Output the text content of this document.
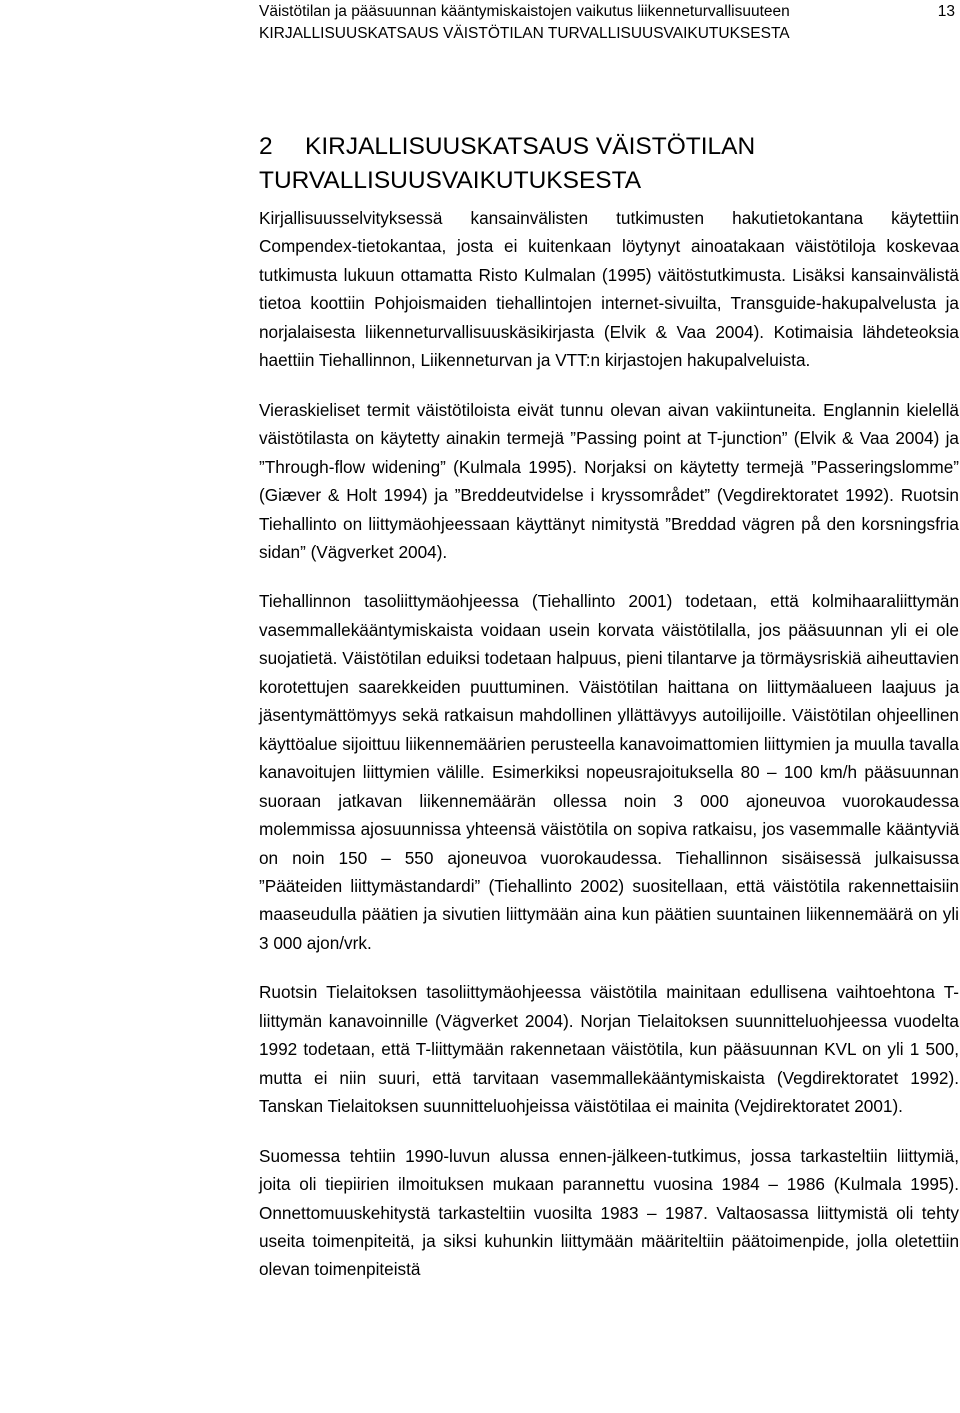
Väistötilan ja pääsuunnan kääntymiskaistojen vaikutus liikenneturvallisuuteen
KIRJALLISUUSKATSAUS VÄISTÖTILAN TURVALLISUUSVAIKUTUKSESTA
13
2 KIRJALLISUUSKATSAUS VÄISTÖTILAN
TURVALLISUUSVAIKUTUKSESTA

Kirjallisuusselvityksessä kansainvälisten tutkimusten hakutietokantana käytettiin Compendex-tietokantaa, josta ei kuitenkaan löytynyt ainoatakaan väistötiloja koskevaa tutkimusta lukuun ottamatta Risto Kulmalan (1995) väitöstutkimusta. Lisäksi kansainvälistä tietoa koottiin Pohjoismaiden tiehallintojen internet-sivuilta, Transguide-hakupalvelusta ja norjalaisesta liikenneturvallisuuskäsikirjasta (Elvik & Vaa 2004). Kotimaisia lähdeteoksia haettiin Tiehallinnon, Liikenneturvan ja VTT:n kirjastojen hakupalveluista.

Vieraskieliset termit väistötiloista eivät tunnu olevan aivan vakiintuneita. Englannin kielellä väistötilasta on käytetty ainakin termejä ”Passing point at T-junction” (Elvik & Vaa 2004) ja ”Through-flow widening” (Kulmala 1995). Norjaksi on käytetty termejä ”Passeringslomme” (Giæver & Holt 1994) ja ”Breddeutvidelse i kryssområdet” (Vegdirektoratet 1992). Ruotsin Tiehallinto on liittymäohjeessaan käyttänyt nimitystä ”Breddad vägren på den korsningsfria sidan” (Vägverket 2004).

Tiehallinnon tasoliittymäohjeessa (Tiehallinto 2001) todetaan, että kolmihaaraliittymän vasemmallekääntymiskaista voidaan usein korvata väistötilalla, jos pääsuunnan yli ei ole suojatietä. Väistötilan eduiksi todetaan halpuus, pieni tilantarve ja törmäysriskiä aiheuttavien korotettujen saarekkeiden puuttuminen. Väistötilan haittana on liittymäalueen laajuus ja jäsentymättömyys sekä ratkaisun mahdollinen yllättävyys autoilijoille. Väistötilan ohjeellinen käyttöalue sijoittuu liikennemäärien perusteella kanavoimattomien liittymien ja muulla tavalla kanavoitujen liittymien välille. Esimerkiksi nopeusrajoituksella 80 – 100 km/h pääsuunnan suoraan jatkavan liikennemäärän ollessa noin 3 000 ajoneuvoa vuorokaudessa molemmissa ajosuunnissa yhteensä väistötila on sopiva ratkaisu, jos vasemmalle kääntyviä on noin 150 – 550 ajoneuvoa vuorokaudessa. Tiehallinnon sisäisessä julkaisussa ”Pääteiden liittymästandardi” (Tiehallinto 2002) suositellaan, että väistötila rakennettaisiin maaseudulla päätien ja sivutien liittymään aina kun päätien suuntainen liikennemäärä on yli 3 000 ajon/vrk.

Ruotsin Tielaitoksen tasoliittymäohjeessa väistötila mainitaan edullisena vaihtoehtona T-liittymän kanavoinnille (Vägverket 2004). Norjan Tielaitoksen suunnitteluohjeessa vuodelta 1992 todetaan, että T-liittymään rakennetaan väistötila, kun pääsuunnan KVL on yli 1 500, mutta ei niin suuri, että tarvitaan vasemmallekääntymiskaista (Vegdirektoratet 1992). Tanskan Tielaitoksen suunnitteluohjeissa väistötilaa ei mainita (Vejdirektoratet 2001).

Suomessa tehtiin 1990-luvun alussa ennen-jälkeen-tutkimus, jossa tarkasteltiin liittymiä, joita oli tiepiirien ilmoituksen mukaan parannettu vuosina 1984 – 1986 (Kulmala 1995). Onnettomuuskehitystä tarkasteltiin vuosilta 1983 – 1987. Valtaosassa liittymistä oli tehty useita toimenpiteitä, ja siksi kuhunkin liittymään määriteltiin päätoimenpide, jolla oletettiin olevan toimenpiteistä
